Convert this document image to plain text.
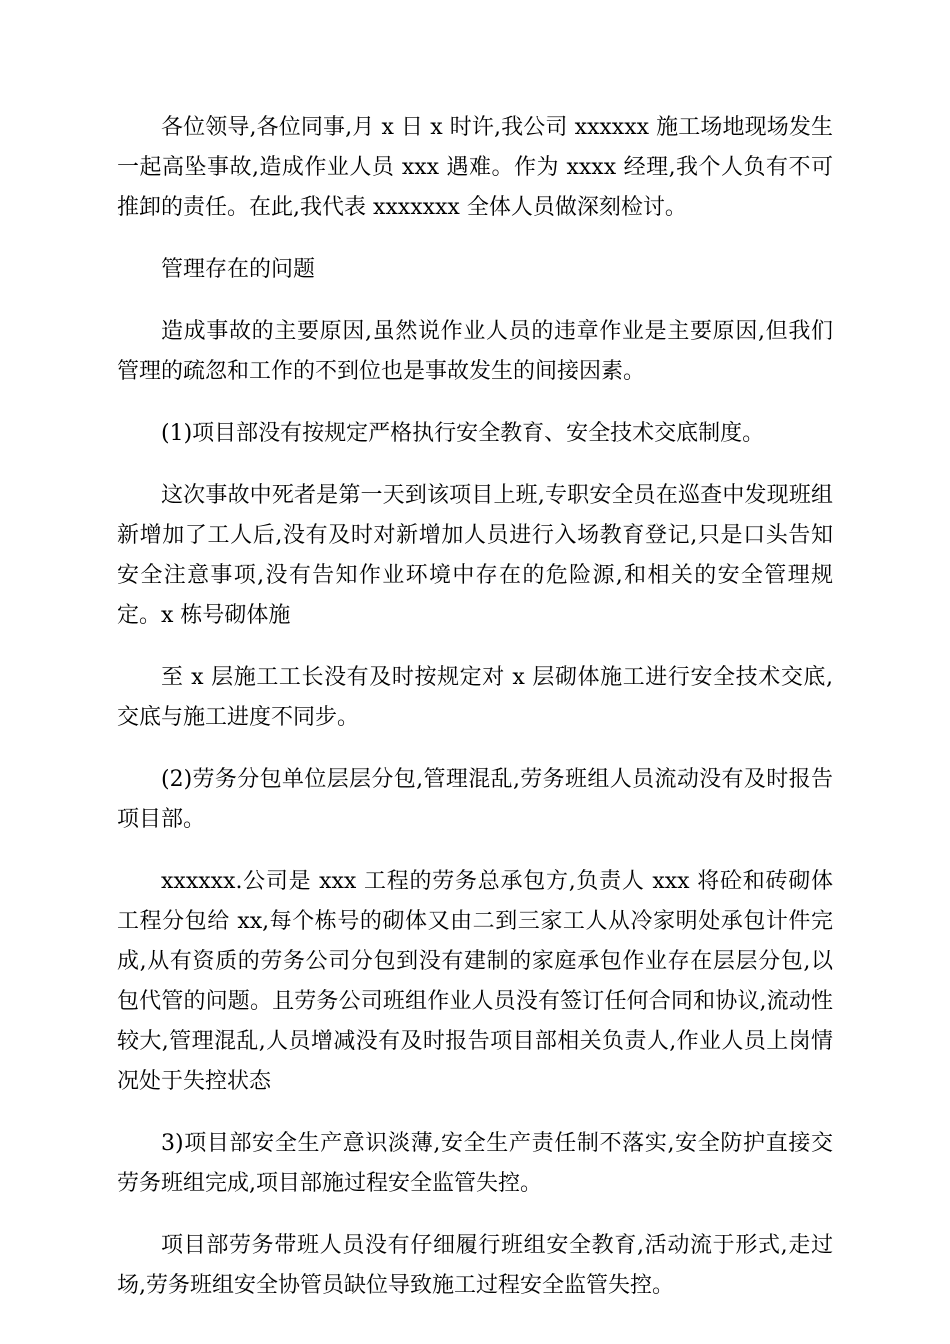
各位领导,各位同事,月 x 日 x 时许,我公司 xxxxxx 施工场地现场发生一起高坠事故,造成作业人员 xxx 遇难。作为 xxxx 经理,我个人负有不可推卸的责任。在此,我代表 xxxxxxx 全体人员做深刻检讨。

管理存在的问题

造成事故的主要原因,虽然说作业人员的违章作业是主要原因,但我们管理的疏忽和工作的不到位也是事故发生的间接因素。

(1)项目部没有按规定严格执行安全教育、安全技术交底制度。

这次事故中死者是第一天到该项目上班,专职安全员在巡查中发现班组新增加了工人后,没有及时对新增加人员进行入场教育登记,只是口头告知安全注意事项,没有告知作业环境中存在的危险源,和相关的安全管理规定。x 栋号砌体施

至 x 层施工工长没有及时按规定对 x 层砌体施工进行安全技术交底,交底与施工进度不同步。

(2)劳务分包单位层层分包,管理混乱,劳务班组人员流动没有及时报告项目部。

xxxxxx.公司是 xxx 工程的劳务总承包方,负责人 xxx 将砼和砖砌体工程分包给 xx,每个栋号的砌体又由二到三家工人从冷家明处承包计件完成,从有资质的劳务公司分包到没有建制的家庭承包作业存在层层分包,以包代管的问题。且劳务公司班组作业人员没有签订任何合同和协议,流动性较大,管理混乱,人员增减没有及时报告项目部相关负责人,作业人员上岗情况处于失控状态

3)项目部安全生产意识淡薄,安全生产责任制不落实,安全防护直接交劳务班组完成,项目部施过程安全监管失控。

项目部劳务带班人员没有仔细履行班组安全教育,活动流于形式,走过场,劳务班组安全协管员缺位导致施工过程安全监管失控。
